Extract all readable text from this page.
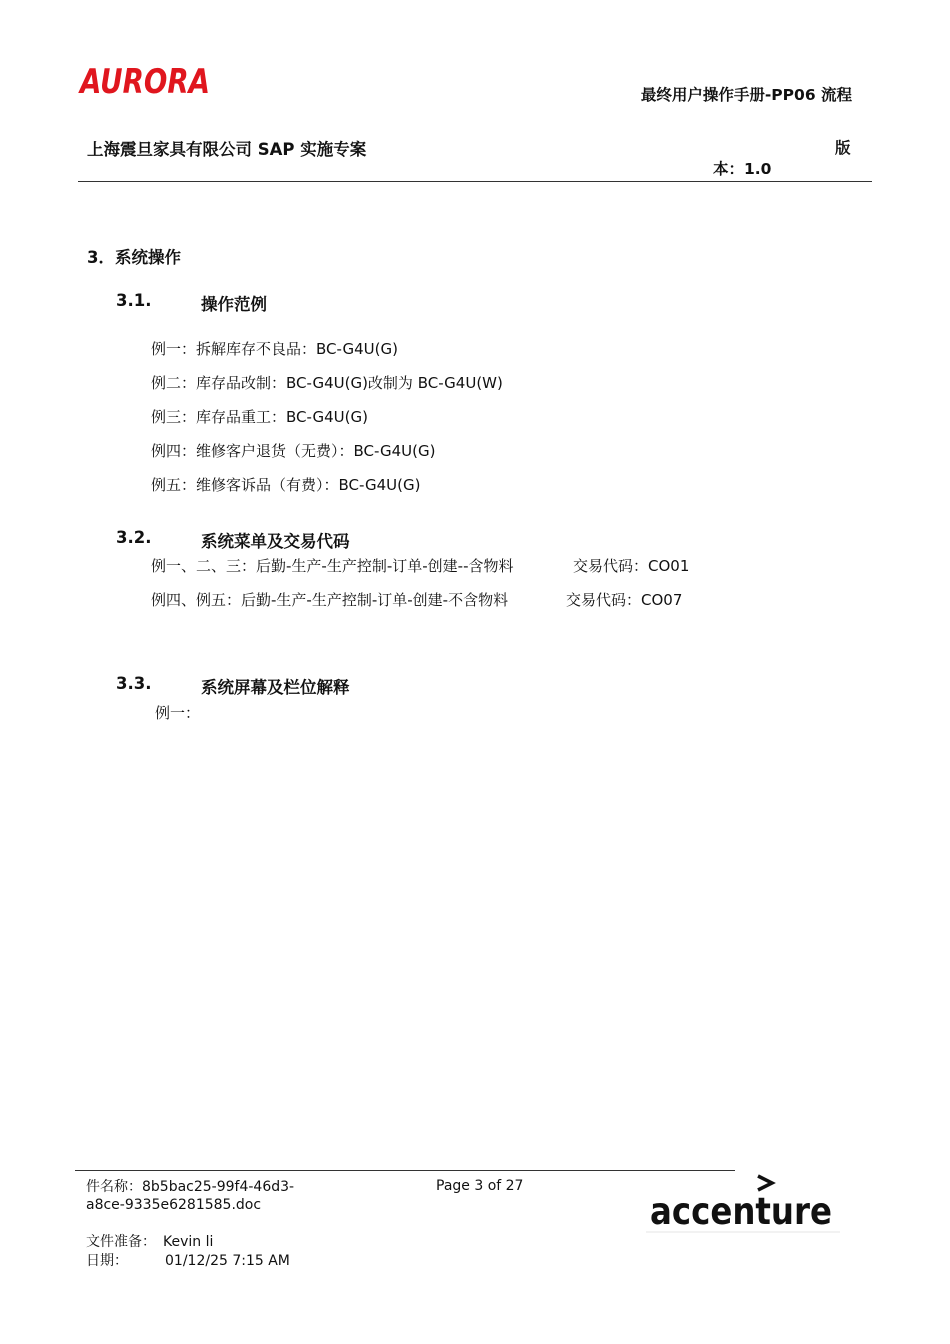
AURORA	最终用户操作手册-PP06 流程
上海震旦家具有限公司 SAP 实施专案	版
本：1.0
3．系统操作
3.1.	操作范例
例一：拆解库存不良品：BC-G4U(G)
例二：库存品改制：BC-G4U(G)改制为 BC-G4U(W)
例三：库存品重工：BC-G4U(G)
例四：维修客户退货（无费）：BC-G4U(G)
例五：维修客诉品（有费）：BC-G4U(G)
3.2.	系统菜单及交易代码
例一、二、三：后勤-生产-生产控制-订单-创建--含物料	交易代码：CO01
例四、例五：后勤-生产-生产控制-订单-创建-不含物料	交易代码：CO07
3.3.	系统屏幕及栏位解释
例一：
件名称：8b5bac25-99f4-46d3-
a8ce-9335e6281585.doc
Page 3 of 27
文件准备： Kevin li
日期：	01/12/25 7:15 AM
accenture
